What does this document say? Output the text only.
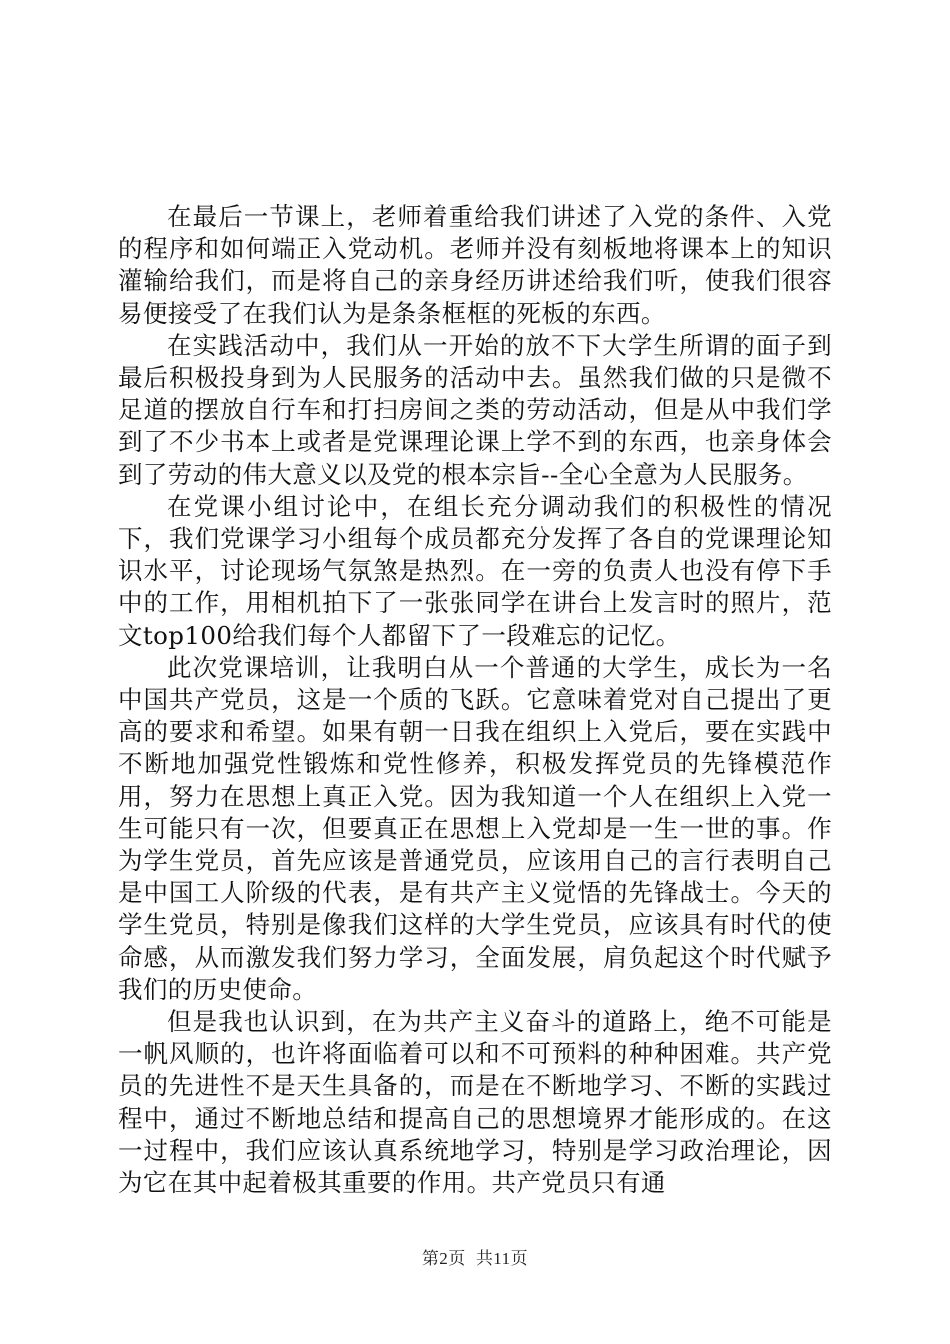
在最后一节课上，老师着重给我们讲述了入党的条件、入党的程序和如何端正入党动机。老师并没有刻板地将课本上的知识灌输给我们，而是将自己的亲身经历讲述给我们听，使我们很容易便接受了在我们认为是条条框框的死板的东西。

在实践活动中，我们从一开始的放不下大学生所谓的面子到最后积极投身到为人民服务的活动中去。虽然我们做的只是微不足道的摆放自行车和打扫房间之类的劳动活动，但是从中我们学到了不少书本上或者是党课理论课上学不到的东西，也亲身体会到了劳动的伟大意义以及党的根本宗旨--全心全意为人民服务。

在党课小组讨论中，在组长充分调动我们的积极性的情况下，我们党课学习小组每个成员都充分发挥了各自的党课理论知识水平，讨论现场气氛煞是热烈。在一旁的负责人也没有停下手中的工作，用相机拍下了一张张同学在讲台上发言时的照片，范文top100给我们每个人都留下了一段难忘的记忆。

此次党课培训，让我明白从一个普通的大学生，成长为一名中国共产党员，这是一个质的飞跃。它意味着党对自己提出了更高的要求和希望。如果有朝一日我在组织上入党后，要在实践中不断地加强党性锻炼和党性修养，积极发挥党员的先锋模范作用，努力在思想上真正入党。因为我知道一个人在组织上入党一生可能只有一次，但要真正在思想上入党却是一生一世的事。作为学生党员，首先应该是普通党员，应该用自己的言行表明自己是中国工人阶级的代表，是有共产主义觉悟的先锋战士。今天的学生党员，特别是像我们这样的大学生党员，应该具有时代的使命感，从而激发我们努力学习，全面发展，肩负起这个时代赋予我们的历史使命。

但是我也认识到，在为共产主义奋斗的道路上，绝不可能是一帆风顺的，也许将面临着可以和不可预料的种种困难。共产党员的先进性不是天生具备的，而是在不断地学习、不断的实践过程中，通过不断地总结和提高自己的思想境界才能形成的。在这一过程中，我们应该认真系统地学习，特别是学习政治理论，因为它在其中起着极其重要的作用。共产党员只有通

第2页 共11页
